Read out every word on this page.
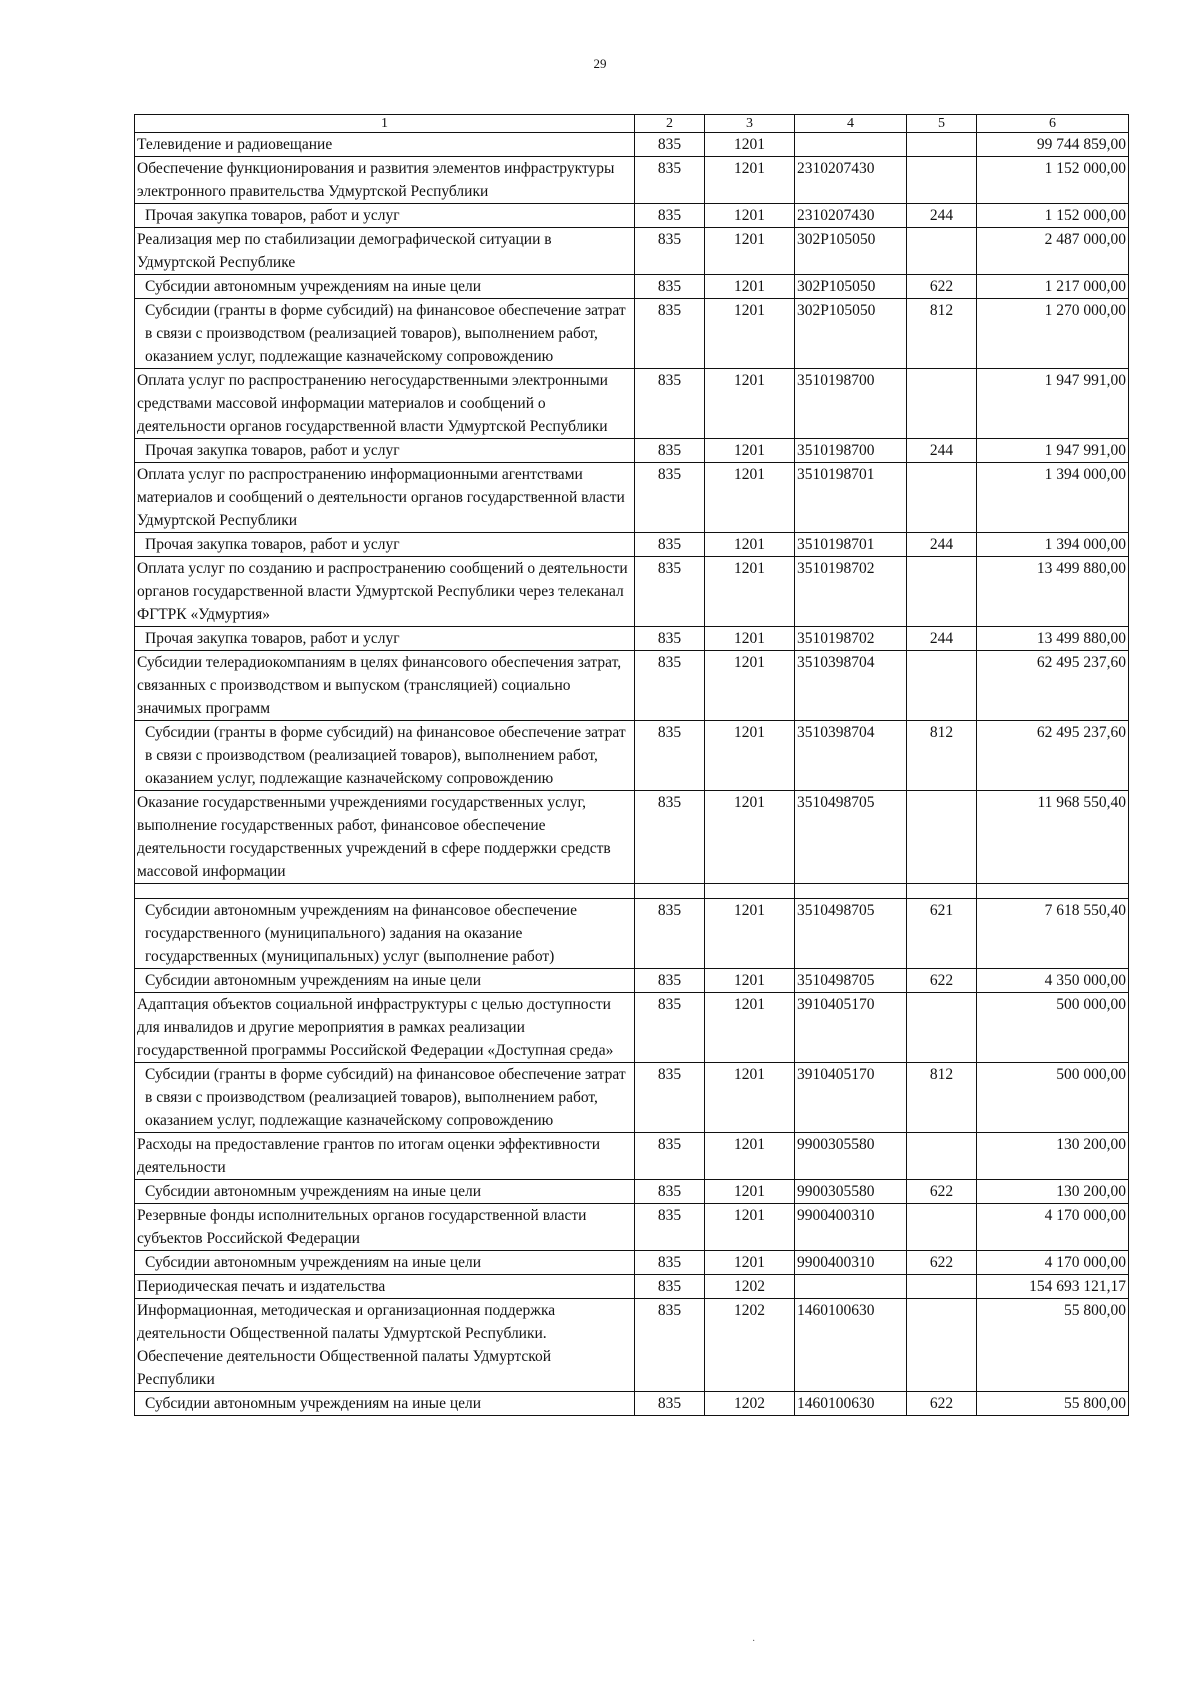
29
1	2	3	4	5	6
Телевидение и радиовещание	835	1201			99 744 859,00
Обеспечение функционирования и развития элементов инфраструктуры электронного правительства Удмуртской Республики	835	1201	2310207430		1 152 000,00
Прочая закупка товаров, работ и услуг	835	1201	2310207430	244	1 152 000,00
Реализация мер по стабилизации демографической ситуации в Удмуртской Республике	835	1201	302P105050		2 487 000,00
Субсидии автономным учреждениям на иные цели	835	1201	302P105050	622	1 217 000,00
Субсидии (гранты в форме субсидий) на финансовое обеспечение затрат в связи с производством (реализацией товаров), выполнением работ, оказанием услуг, подлежащие казначейскому сопровождению	835	1201	302P105050	812	1 270 000,00
Оплата услуг по распространению негосударственными электронными средствами массовой информации материалов и сообщений о деятельности органов государственной власти Удмуртской Республики	835	1201	3510198700		1 947 991,00
Прочая закупка товаров, работ и услуг	835	1201	3510198700	244	1 947 991,00
Оплата услуг по распространению информационными агентствами материалов и сообщений о деятельности органов государственной власти Удмуртской Республики	835	1201	3510198701		1 394 000,00
Прочая закупка товаров, работ и услуг	835	1201	3510198701	244	1 394 000,00
Оплата услуг по созданию и распространению сообщений о деятельности органов государственной власти Удмуртской Республики через телеканал ФГТРК «Удмуртия»	835	1201	3510198702		13 499 880,00
Прочая закупка товаров, работ и услуг	835	1201	3510198702	244	13 499 880,00
Субсидии телерадиокомпаниям в целях финансового обеспечения затрат, связанных с производством и выпуском (трансляцией) социально значимых программ	835	1201	3510398704		62 495 237,60
Субсидии (гранты в форме субсидий) на финансовое обеспечение затрат в связи с производством (реализацией товаров), выполнением работ, оказанием услуг, подлежащие казначейскому сопровождению	835	1201	3510398704	812	62 495 237,60
Оказание государственными учреждениями государственных услуг, выполнение государственных работ, финансовое обеспечение деятельности государственных учреждений в сфере поддержки средств массовой информации	835	1201	3510498705		11 968 550,40

Субсидии автономным учреждениям на финансовое обеспечение государственного (муниципального) задания на оказание государственных (муниципальных) услуг (выполнение работ)	835	1201	3510498705	621	7 618 550,40
Субсидии автономным учреждениям на иные цели	835	1201	3510498705	622	4 350 000,00
Адаптация объектов социальной инфраструктуры с целью доступности для инвалидов и другие мероприятия в рамках реализации государственной программы Российской Федерации «Доступная среда»	835	1201	3910405170		500 000,00
Субсидии (гранты в форме субсидий) на финансовое обеспечение затрат в связи с производством (реализацией товаров), выполнением работ, оказанием услуг, подлежащие казначейскому сопровождению	835	1201	3910405170	812	500 000,00
Расходы на предоставление грантов по итогам оценки эффективности деятельности	835	1201	9900305580		130 200,00
Субсидии автономным учреждениям на иные цели	835	1201	9900305580	622	130 200,00
Резервные фонды исполнительных органов государственной власти субъектов Российской Федерации	835	1201	9900400310		4 170 000,00
Субсидии автономным учреждениям на иные цели	835	1201	9900400310	622	4 170 000,00
Периодическая печать и издательства	835	1202			154 693 121,17
Информационная, методическая и организационная поддержка деятельности Общественной палаты Удмуртской Республики. Обеспечение деятельности Общественной палаты Удмуртской Республики	835	1202	1460100630		55 800,00
Субсидии автономным учреждениям на иные цели	835	1202	1460100630	622	55 800,00
·
